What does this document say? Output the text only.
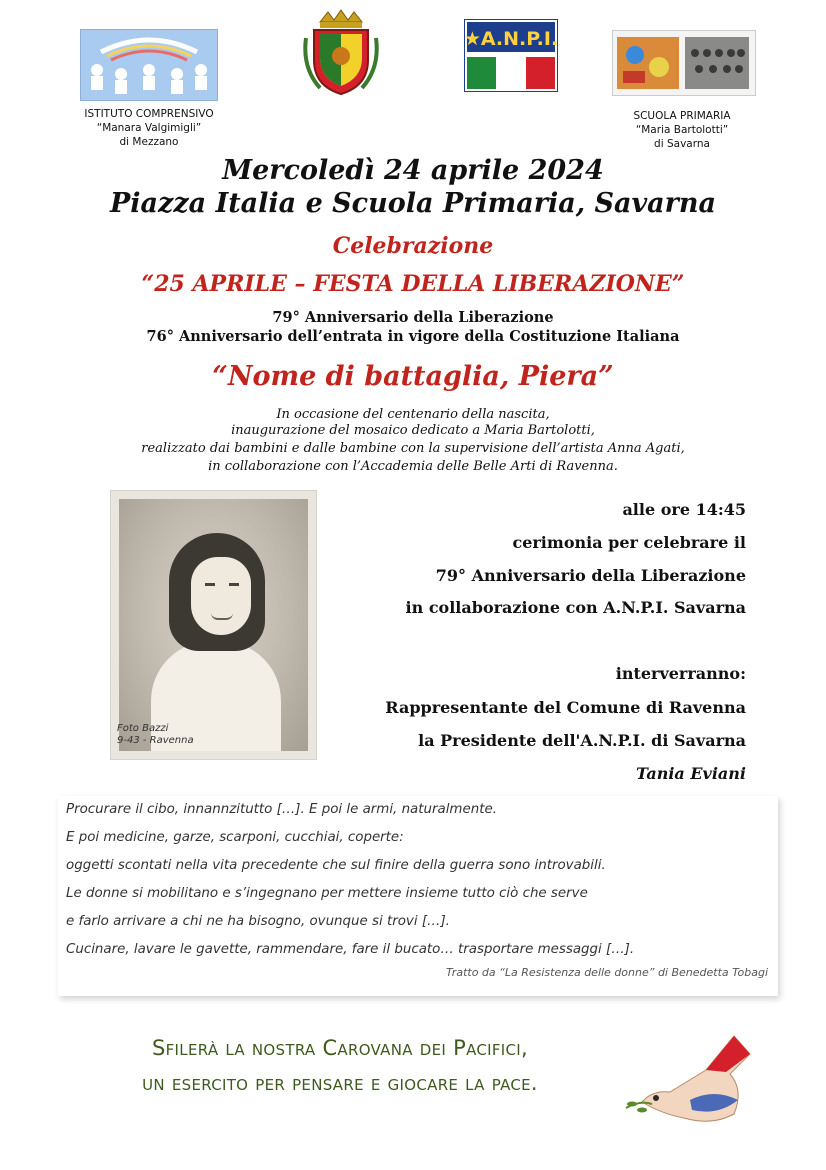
★A.N.P.I.
ISTITUTO COMPRENSIVO
“Manara Valgimigli”
di Mezzano
SCUOLA PRIMARIA
“Maria Bartolotti”
di Savarna
Mercoledì 24 aprile 2024
Piazza Italia e Scuola Primaria, Savarna
Celebrazione
“25 APRILE – FESTA DELLA LIBERAZIONE”
79° Anniversario della Liberazione
76° Anniversario dell’entrata in vigore della Costituzione Italiana
“Nome di battaglia, Piera”
In occasione del centenario della nascita,
inaugurazione del mosaico dedicato a Maria Bartolotti,
realizzato dai bambini e dalle bambine con la supervisione dell’artista Anna Agati,
in collaborazione con l’Accademia delle Belle Arti di Ravenna.
Foto Bazzi
9-43 - Ravenna
alle ore 14:45
cerimonia per celebrare il
79° Anniversario della Liberazione
in collaborazione con A.N.P.I. Savarna
interverranno:
Rappresentante del Comune di Ravenna
la Presidente dell'A.N.P.I. di Savarna
Tania Eviani
Procurare il cibo, innannzitutto […]. E poi le armi, naturalmente.
E poi medicine, garze, scarponi, cucchiai, coperte:
oggetti scontati nella vita precedente che sul finire della guerra sono introvabili.
Le donne si mobilitano e s’ingegnano per mettere insieme tutto ciò che serve
e farlo arrivare a chi ne ha bisogno, ovunque si trovi […].
Cucinare, lavare le gavette, rammendare, fare il bucato… trasportare messaggi […].
Tratto da “La Resistenza delle donne” di Benedetta Tobagi
Sfilerà la nostra Carovana dei Pacifici,
un esercito per pensare e giocare la pace.
